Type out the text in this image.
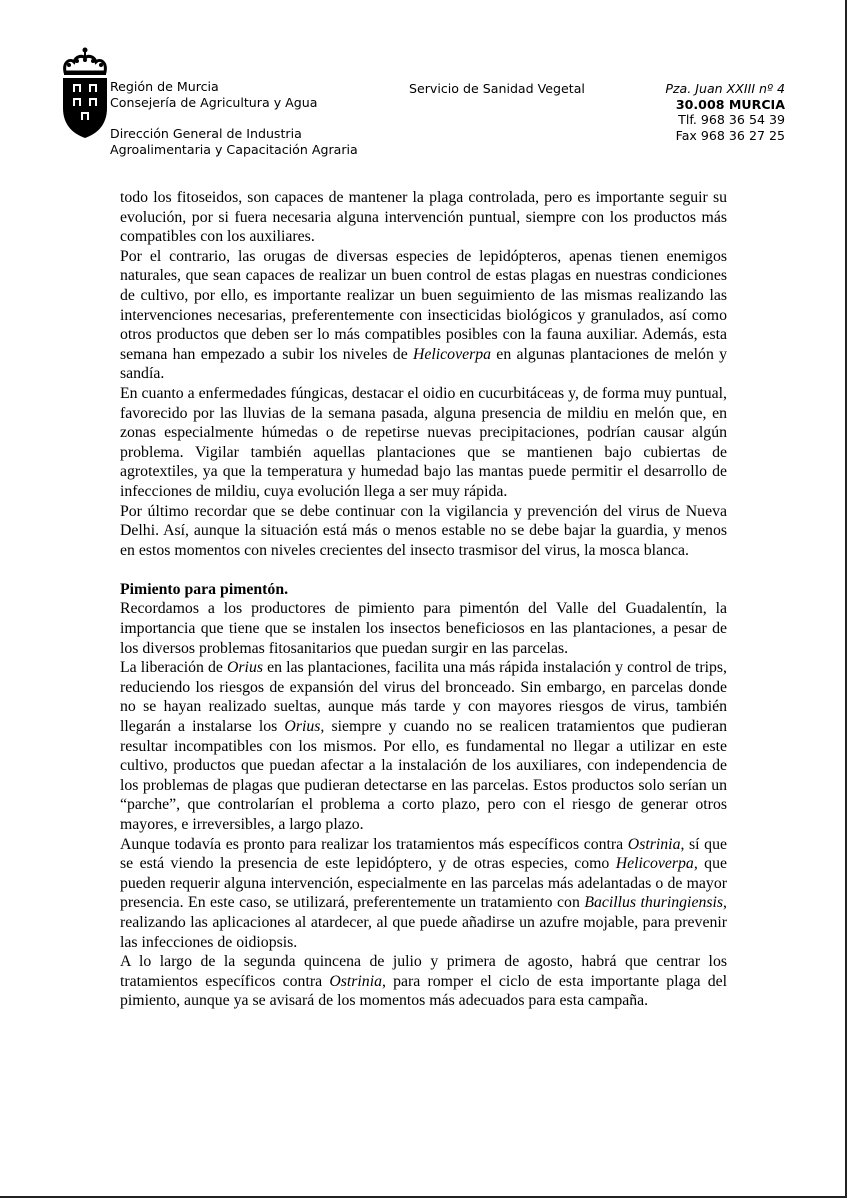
Región de Murcia
Consejería de Agricultura y Agua
Dirección General de Industria
Agroalimentaria y Capacitación Agraria
Servicio de Sanidad Vegetal	Pza. Juan XXIII nº 4
30.008 MURCIA
Tlf. 968 36 54 39
Fax 968 36 27 25

todo los fitoseidos, son capaces de mantener la plaga controlada, pero es importante seguir su evolución, por si fuera necesaria alguna intervención puntual, siempre con los productos más compatibles con los auxiliares.

Por el contrario, las orugas de diversas especies de lepidópteros, apenas tienen enemigos naturales, que sean capaces de realizar un buen control de estas plagas en nuestras condiciones de cultivo, por ello, es importante realizar un buen seguimiento de las mismas realizando las intervenciones necesarias, preferentemente con insecticidas biológicos y granulados, así como otros productos que deben ser lo más compatibles posibles con la fauna auxiliar. Además, esta semana han empezado a subir los niveles de Helicoverpa en algunas plantaciones de melón y sandía.

En cuanto a enfermedades fúngicas, destacar el oidio en cucurbitáceas y, de forma muy puntual, favorecido por las lluvias de la semana pasada, alguna presencia de mildiu en melón que, en zonas especialmente húmedas o de repetirse nuevas precipitaciones, podrían causar algún problema. Vigilar también aquellas plantaciones que se mantienen bajo cubiertas de agrotextiles, ya que la temperatura y humedad bajo las mantas puede permitir el desarrollo de infecciones de mildiu, cuya evolución llega a ser muy rápida.

Por último recordar que se debe continuar con la vigilancia y prevención del virus de Nueva Delhi. Así, aunque la situación está más o menos estable no se debe bajar la guardia, y menos en estos momentos con niveles crecientes del insecto trasmisor del virus, la mosca blanca.

Pimiento para pimentón.

Recordamos a los productores de pimiento para pimentón del Valle del Guadalentín, la importancia que tiene que se instalen los insectos beneficiosos en las plantaciones, a pesar de los diversos problemas fitosanitarios que puedan surgir en las parcelas.

La liberación de Orius en las plantaciones, facilita una más rápida instalación y control de trips, reduciendo los riesgos de expansión del virus del bronceado. Sin embargo, en parcelas donde no se hayan realizado sueltas, aunque más tarde y con mayores riesgos de virus, también llegarán a instalarse los Orius, siempre y cuando no se realicen tratamientos que pudieran resultar incompatibles con los mismos. Por ello, es fundamental no llegar a utilizar en este cultivo, productos que puedan afectar a la instalación de los auxiliares, con independencia de los problemas de plagas que pudieran detectarse en las parcelas. Estos productos solo serían un “parche”, que controlarían el problema a corto plazo, pero con el riesgo de generar otros mayores, e irreversibles, a largo plazo.

Aunque todavía es pronto para realizar los tratamientos más específicos contra Ostrinia, sí que se está viendo la presencia de este lepidóptero, y de otras especies, como Helicoverpa, que pueden requerir alguna intervención, especialmente en las parcelas más adelantadas o de mayor presencia. En este caso, se utilizará, preferentemente un tratamiento con Bacillus thuringiensis, realizando las aplicaciones al atardecer, al que puede añadirse un azufre mojable, para prevenir las infecciones de oidiopsis.

A lo largo de la segunda quincena de julio y primera de agosto, habrá que centrar los tratamientos específicos contra Ostrinia, para romper el ciclo de esta importante plaga del pimiento, aunque ya se avisará de los momentos más adecuados para esta campaña.
